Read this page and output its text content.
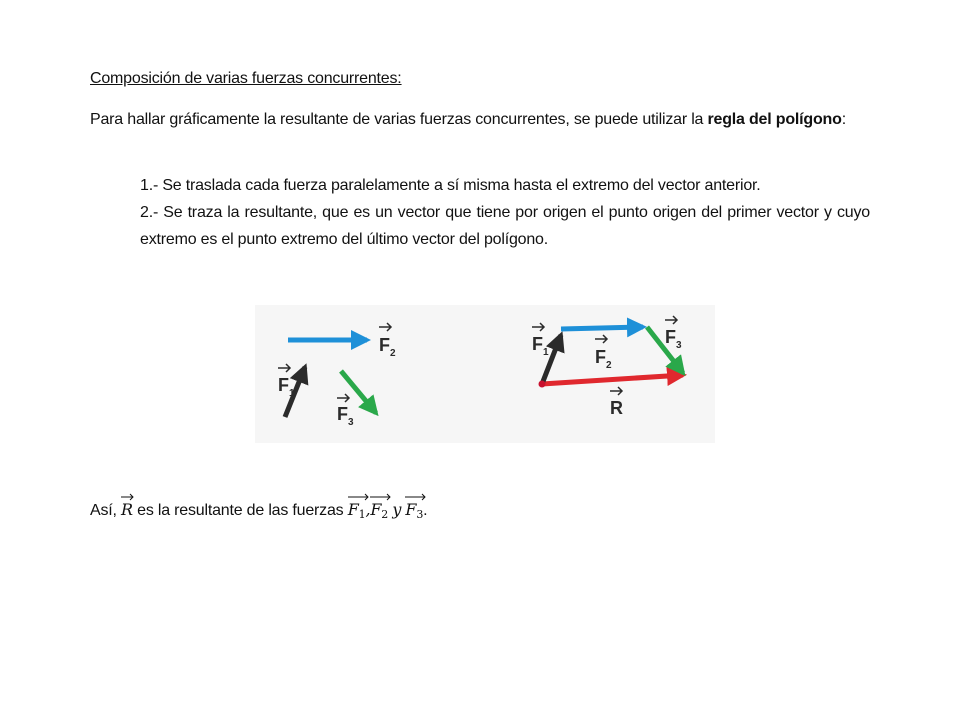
Composición de varias fuerzas concurrentes:
Para hallar gráficamente la resultante de varias fuerzas concurrentes, se puede utilizar la regla del polígono:

1.- Se traslada cada fuerza paralelamente a sí misma hasta el extremo del vector anterior.

2.- Se traza la resultante, que es un vector que tiene por origen el punto origen del primer vector y cuyo extremo es el punto extremo del último vector del polígono.

F 2
F 1
F 3
F 1	F 2
F 3
R
Así,
R es la resultante de las fuerzas
$F_1$,
$F_2$ y $F_3$.
